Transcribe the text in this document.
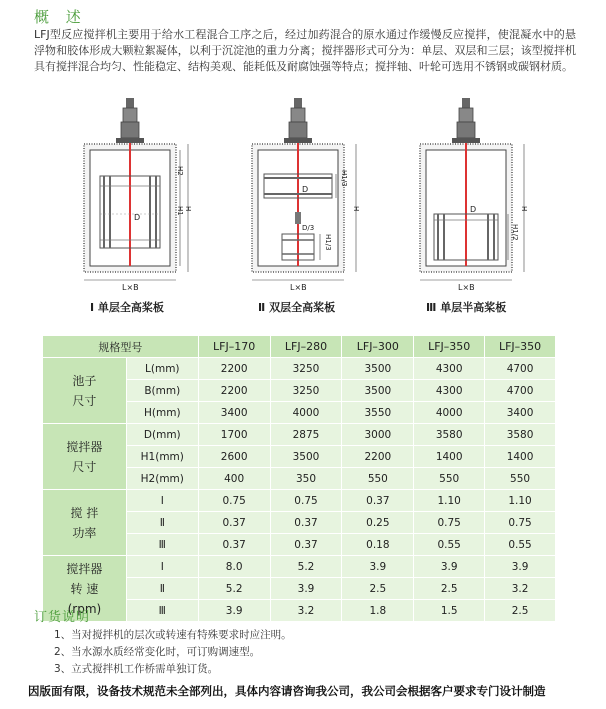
概 述
LFJ型反应搅拌机主要用于给水工程混合工序之后，经过加药混合的原水通过作缓慢反应搅拌，使混凝水中的悬浮物和胶体形成大颗粒絮凝体，以利于沉淀池的重力分离；搅拌器形式可分为：单层、双层和三层；该型搅拌机具有搅拌混合均匀、性能稳定、结构美观、能耗低及耐腐蚀强等特点；搅拌轴、叶轮可选用不锈钢或碳钢材质。
D
H2
H1 H
L×B
Ⅰ 单层全高桨板
D
D/3
H1/3
H1/3
H
L×B
Ⅱ 双层全高桨板
D
H1/2
H
L×B
Ⅲ 单层半高桨板
规格型号		LFJ–170	LFJ–280	LFJ–300	LFJ–350	LFJ–350
池子
尺寸	L(mm)	2200	3250	3500	4300	4700
	B(mm)	2200	3250	3500	4300	4700
	H(mm)	3400	4000	3550	4000	3400
搅拌器
尺寸	D(mm)	1700	2875	3000	3580	3580
	H1(mm)	2600	3500	2200	1400	1400
	H2(mm)	400	350	550	550	550
搅 拌
功率	Ⅰ	0.75	0.75	0.37	1.10	1.10
	Ⅱ	0.37	0.37	0.25	0.75	0.75
	Ⅲ	0.37	0.37	0.18	0.55	0.55
搅拌器
转 速
(rpm)	Ⅰ	8.0	5.2	3.9	3.9	3.9
	Ⅱ	5.2	3.9	2.5	2.5	3.2
	Ⅲ	3.9	3.2	1.8	1.5	2.5
订货说明
1、当对搅拌机的层次或转速有特殊要求时应注明。
2、当水源水质经常变化时，可订购调速型。
3、立式搅拌机工作桥需单独订货。
因版面有限，设备技术规范未全部列出，具体内容请咨询我公司，我公司会根据客户要求专门设计制造
